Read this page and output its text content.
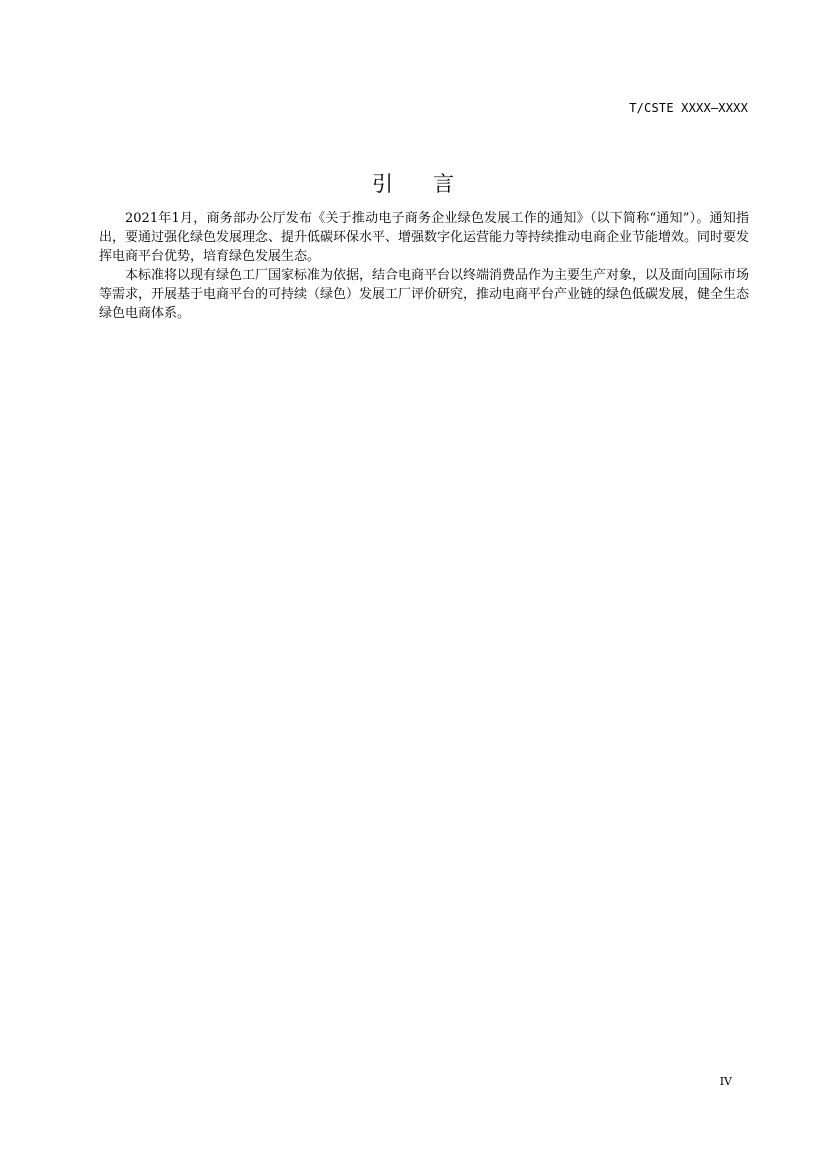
T/CSTE XXXX—XXXX
引言

2021年1月，商务部办公厅发布《关于推动电子商务企业绿色发展工作的通知》（以下简称“通知”）。通知指出，要通过强化绿色发展理念、提升低碳环保水平、增强数字化运营能力等持续推动电商企业节能增效。同时要发挥电商平台优势，培育绿色发展生态。

本标准将以现有绿色工厂国家标准为依据，结合电商平台以终端消费品作为主要生产对象，以及面向国际市场等需求，开展基于电商平台的可持续（绿色）发展工厂评价研究，推动电商平台产业链的绿色低碳发展，健全生态绿色电商体系。

IV
